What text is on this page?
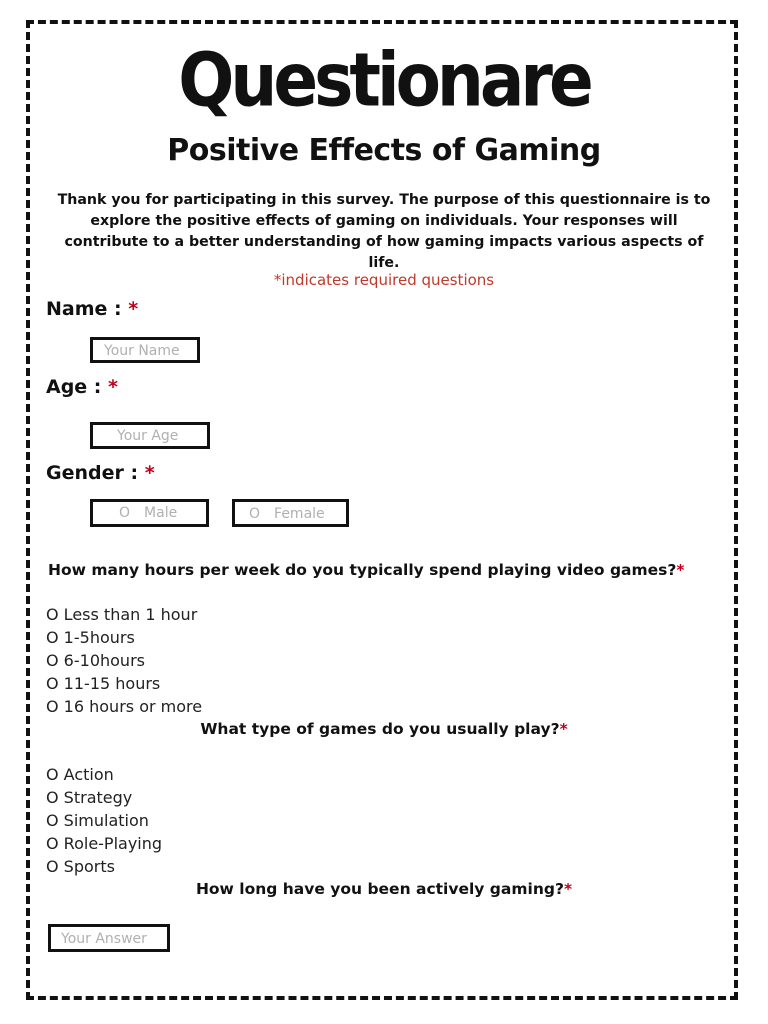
Questionare
Positive Effects of Gaming
Thank you for participating in this survey. The purpose of this questionnaire is to explore the positive effects of gaming on individuals. Your responses will contribute to a better understanding of how gaming impacts various aspects of life.
*indicates required questions
Name : *
Your Name
Age : *
Your Age
Gender : *
O Male	O Female
How many hours per week do you typically spend playing video games?*
O Less than 1 hour
O 1-5hours
O 6-10hours
O 11-15 hours
O 16 hours or more
What type of games do you usually play?*
O Action
O Strategy
O Simulation
O Role-Playing
O Sports
How long have you been actively gaming?*
Your Answer
